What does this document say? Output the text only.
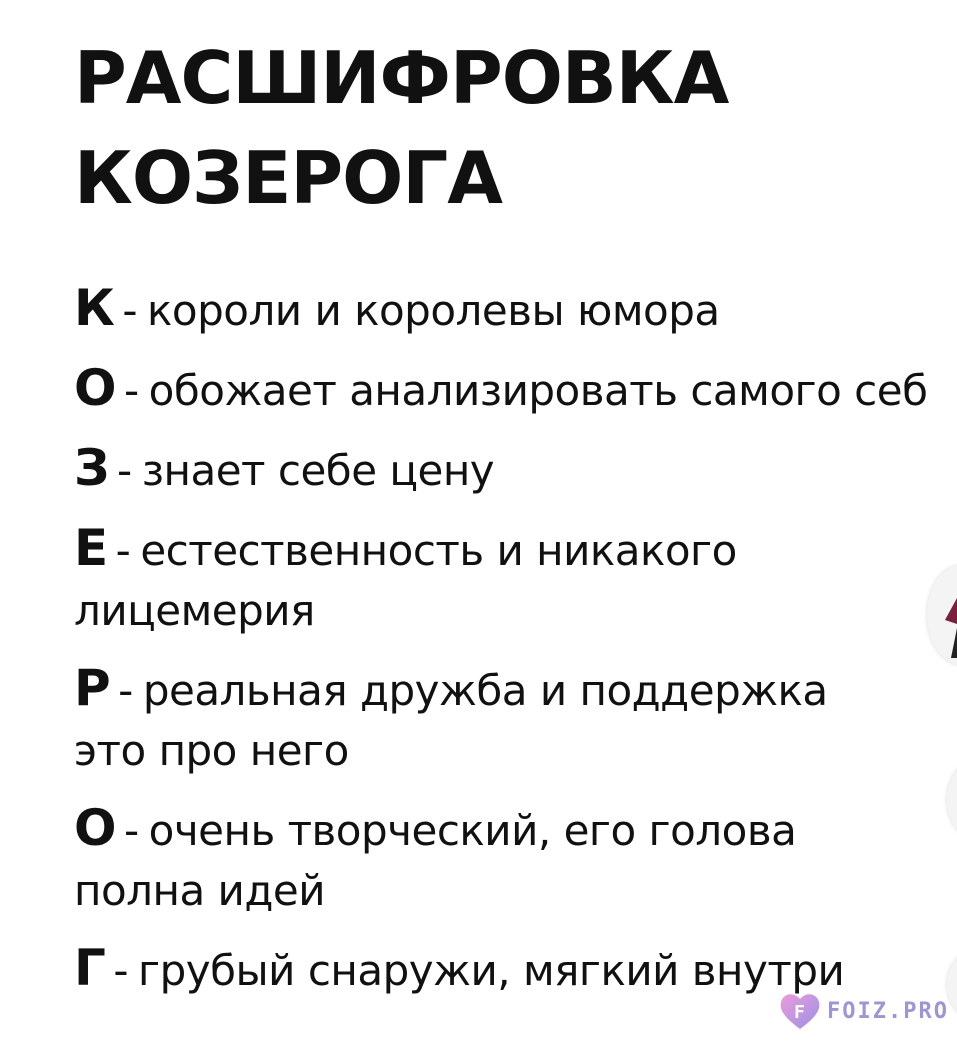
РАСШИФРОВКА
КОЗЕРОГА
К - короли и королевы юмора
О - обожает анализировать самого себ
З - знает себе цену
Е - естественность и никакого лицемерия
Р - реальная дружба и поддержка это про него
О - очень творческий, его голова полна идей
Г - грубый снаружи, мягкий внутри
F FOIZ.PRO
